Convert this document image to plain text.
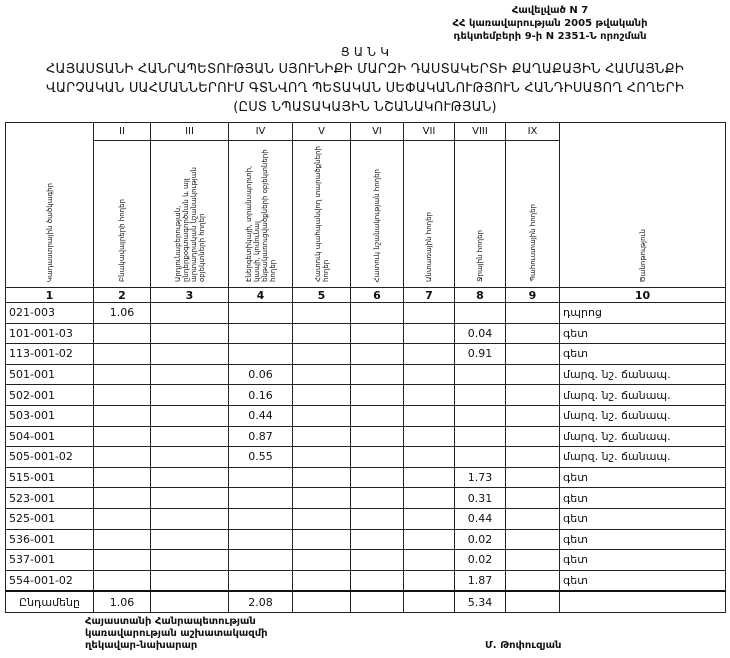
Հավելված N 7
ՀՀ կառավարության 2005 թվականի
դեկտեմբերի 9-ի N 2351-Ն որոշման
Ց Ա Ն Կ
ՀԱՅԱՍՏԱՆԻ ՀԱՆՐԱՊԵՏՈՒԹՅԱՆ ՍՅՈՒՆԻՔԻ ՄԱՐԶԻ ԴԱՍՏԱԿԵՐՏԻ ՔԱՂԱՔԱՅԻՆ ՀԱՄԱՅՆՔԻ
ՎԱՐՉԱԿԱՆ ՍԱՀՄԱՆՆԵՐՈՒՄ ԳՏՆՎՈՂ ՊԵՏԱԿԱՆ ՍԵՓԱԿԱՆՈՒԹՅՈՒՆ ՀԱՆԴԻՍԱՑՈՂ ՀՈՂԵՐԻ
(ԸՍՏ ՆՊԱՏԱԿԱՅԻՆ ՆՇԱՆԱԿՈՒԹՅԱՆ)
Կադաստրային ծածկագիր	II	III	IV	V	VI	VII	VIII	IX	Ծանոթություն
	Բնակավայրերի հողեր	Արդյունաբերության, ընդերքօգտագործման և այլ արտադրական նշանակության օբյեկտների հողեր	Էներգետիկայի, տրանսպորտի, կապի, կոմունալ ենթակառուցվածքների օբյեկտների հողեր	Հատուկ պահպանվող տարածքների հողեր	Հատուկ նշանակության հողեր	Անտառային հողեր	Ջրային հողեր	Պահուստային հողեր	
1	2	3	4	5	6	7	8	9	10
021-003	1.06								դպրոց
101-001-03							0.04		գետ
113-001-02							0.91		գետ
501-001			0.06						մարզ. նշ. ճանապ.
502-001			0.16						մարզ. նշ. ճանապ.
503-001			0.44						մարզ. նշ. ճանապ.
504-001			0.87						մարզ. նշ. ճանապ.
505-001-02			0.55						մարզ. նշ. ճանապ.
515-001							1.73		գետ
523-001							0.31		գետ
525-001							0.44		գետ
536-001							0.02		գետ
537-001							0.02		գետ
554-001-02							1.87		գետ
Ընդամենը	1.06		2.08				5.34		
Հայաստանի Հանրապետության
կառավարության աշխատակազմի
ղեկավար-նախարար	Մ. Թոփուզյան
